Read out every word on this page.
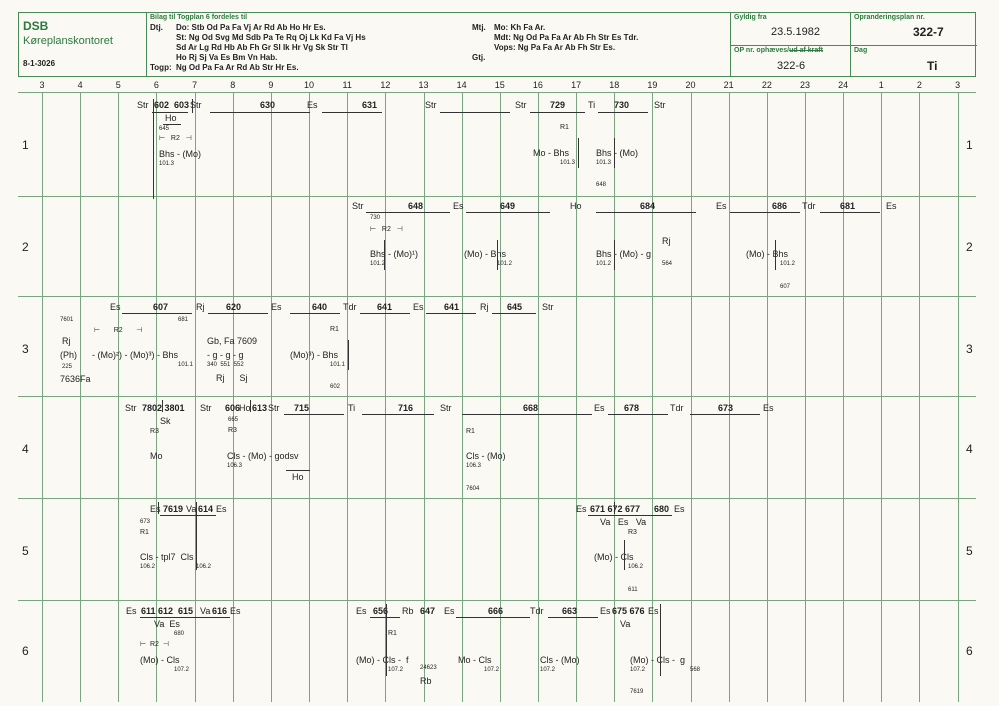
DSB
Køreplanskontoret
8-1-3026
Bilag til Togplan 6 fordeles til
Dtj. Do: Stb Od Pa Fa Vj Ar Rd Ab Ho Hr Es.
St: Ng Od Svg Md Sdb Pa Te Rq Oj Lk Kd Fa Vj Hs
Sd Ar Lg Rd Hb Ab Fh Gr Sl Ik Hr Vg Sk Str Tl
Ho Rj Sj Va Es Bm Vn Hab.
Togp: Ng Od Pa Fa Ar Rd Ab Str Hr Es.
Mtj. Mo: Kh Fa Ar.
Mdt: Ng Od Pa Fa Ar Ab Fh Str Es Tdr.
Vops: Ng Pa Fa Ar Ab Fh Str Es.
Gtj.
Gyldig fra
23.5.1982
OP nr. ophæves/ud af kraft
322-6
Opranderingsplan nr.
322-7
Dag
Ti
3	4	5	6	7	8	9	10	11	12	13	14	15	16	17	18	19	20	21	22	23	24	1	2	3
1
2
3
4
5
6
1
2
3
4
5
6
Str 602 603 Str
Ho
645
⊢   R2   ⊣
Bhs - (Mo)
101.3
630	Es	631	Str	Str	729	Ti 730	Str
R1
Mo - Bhs
101.3
Bhs - (Mo)
101.3
648
Str	648	Es	649	Ho	684	Es	686 Tdr	681	Es
730
⊢   R2   ⊣
Bhs - (Mo)¹)
101.2
(Mo) - Bhs
101.2
Bhs - (Mo) - g
Rj
101.2	564
(Mo) - Bhs
101.2
607
Es	607	Rj 620	Es	640 Tdr 641 Es 641 Rj 645 Str
7601
Rj
(Ph)
225
7636Fa
- (Mo)²) - (Mo)³) - Bhs
⊢       R2       ⊣
681
101.1
Gb, Fa 7609
- g - g - g
340  551  552
Rj      Sj
R1
(Mo)³) - Bhs
101.1
602
Str 7802 3801 Str 606
Ho 613 Str 715	Ti	716	Str	668	Es 678	Tdr	673	Es
Sk
R3
665
R3
Mo	Cls - (Mo) - godsv
106.3
Ho
R1
Cls - (Mo)
106.3
7604
Es 7619 Va 614 Es
673
R1
Cls - tpl7  Cls
106.2	106.2
Es 671 672 677 680 Es
Va   Es   Va
R3
(Mo) - Cls
106.2
611
Es 611 612  615 Va 616 Es
Va  Es
680
⊢  R2  ⊣
(Mo) - Cls
107.2
Es 656 Rb 647 Es	666	Tdr 663	Es 675 676 Es
Va
R1
(Mo) - Cls -  f
107.2	24623
Rb
Mo - Cls
107.2
Cls - (Mo)
107.2
(Mo) - Cls -  g
107.2	568
7619
